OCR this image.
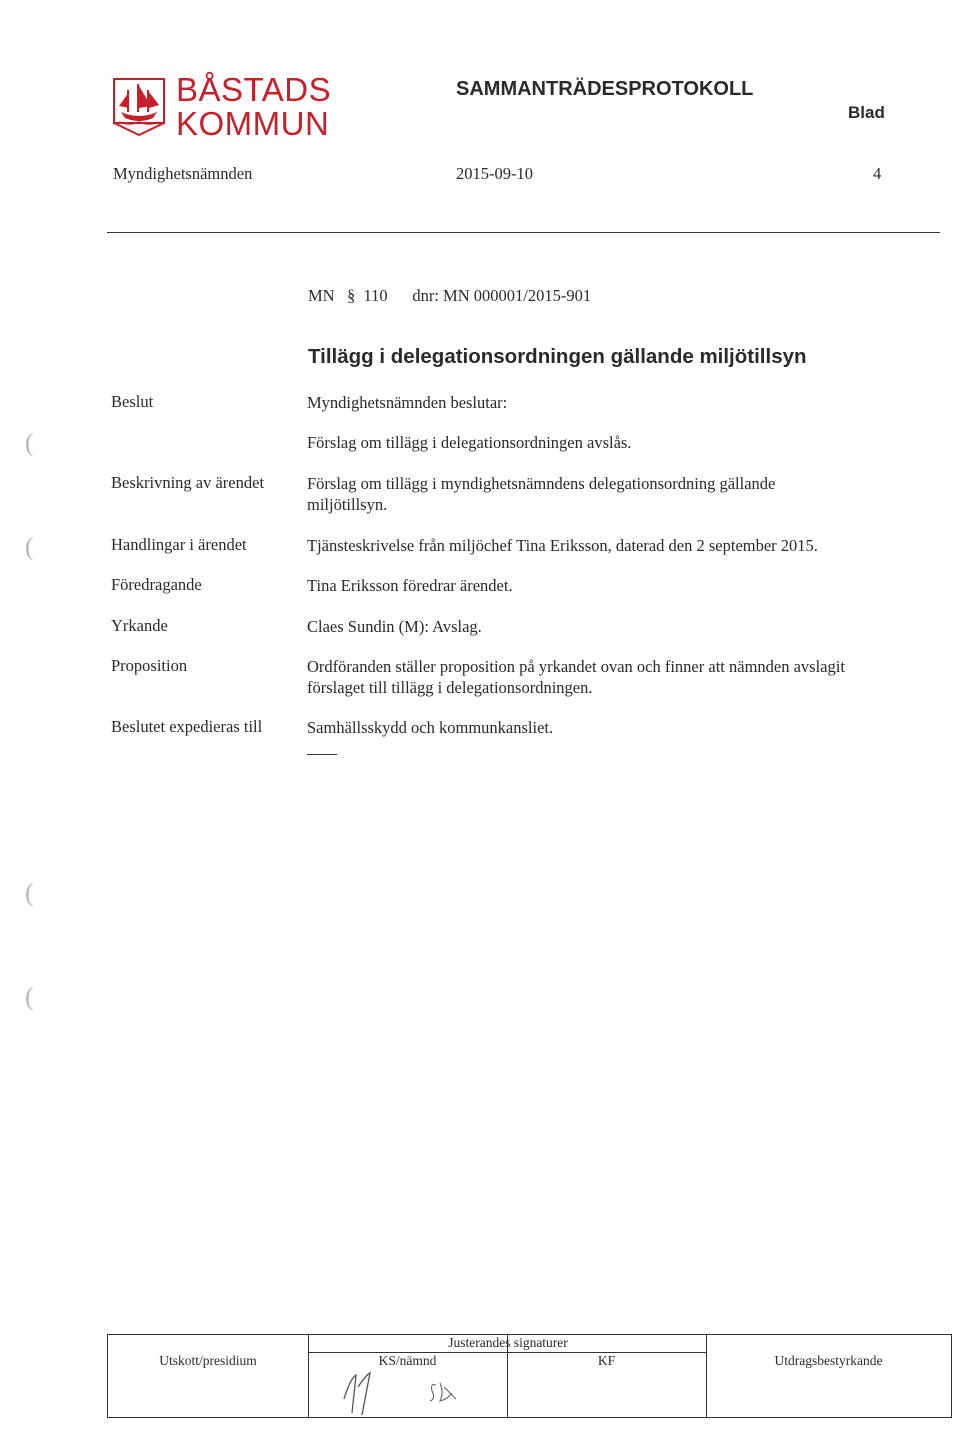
BÅSTADS
KOMMUN
SAMMANTRÄDESPROTOKOLL
Blad
Myndighetsnämnden	2015-09-10	4
MN   §  110      dnr: MN 000001/2015-901
Tillägg i delegationsordningen gällande miljötillsyn
Beslut	Myndighetsnämnden beslutar:
Förslag om tillägg i delegationsordningen avslås.
Beskrivning av ärendet	Förslag om tillägg i myndighetsnämndens delegationsordning gällande miljötillsyn.
Handlingar i ärendet	Tjänsteskrivelse från miljöchef Tina Eriksson, daterad den 2 september 2015.
Föredragande	Tina Eriksson föredrar ärendet.
Yrkande	Claes Sundin (M): Avslag.
Proposition	Ordföranden ställer proposition på yrkandet ovan och finner att nämnden avslagit förslaget till tillägg i delegationsordningen.
Beslutet expedieras till	Samhällsskydd och kommunkansliet.
(
(
(
(
Justerandes signaturer
Utskott/presidium	KS/nämnd	KF	Utdragsbestyrkande
